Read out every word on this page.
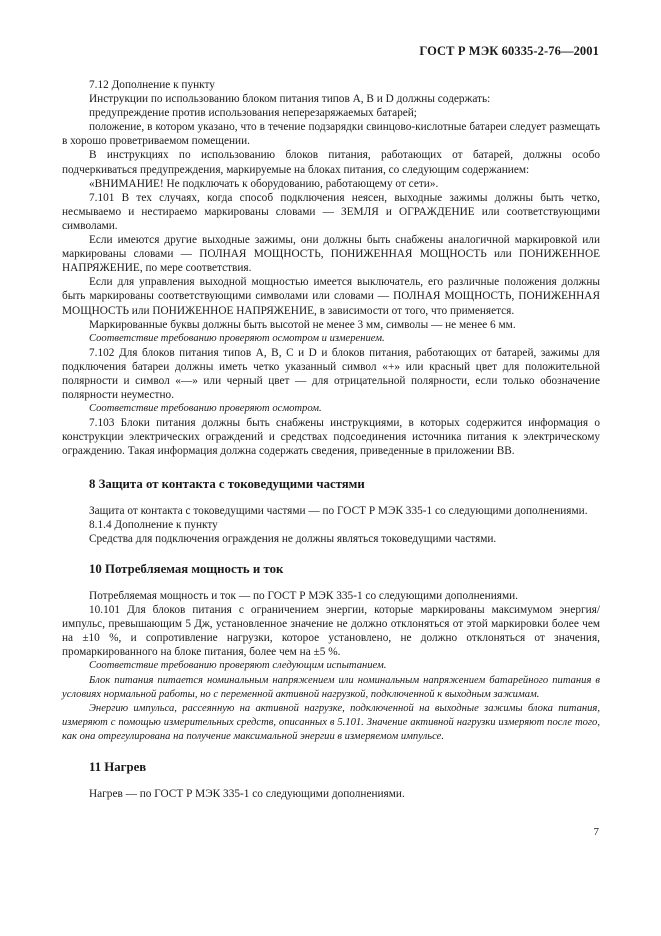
ГОСТ Р МЭК 60335-2-76—2001

7.12 Дополнение к пункту

Инструкции по использованию блоком питания типов А, В и D должны содержать:

предупреждение против использования неперезаряжаемых батарей;

положение, в котором указано, что в течение подзарядки свинцово-кислотные батареи следует размещать в хорошо проветриваемом помещении.

В инструкциях по использованию блоков питания, работающих от батарей, должны особо подчеркиваться предупреждения, маркируемые на блоках питания, со следующим содержанием:

«ВНИМАНИЕ! Не подключать к оборудованию, работающему от сети».

7.101 В тех случаях, когда способ подключения неясен, выходные зажимы должны быть четко, несмываемо и нестираемо маркированы словами — ЗЕМЛЯ и ОГРАЖДЕНИЕ или соответствующими символами.

Если имеются другие выходные зажимы, они должны быть снабжены аналогичной маркировкой или маркированы словами — ПОЛНАЯ МОЩНОСТЬ, ПОНИЖЕННАЯ МОЩНОСТЬ или ПОНИЖЕННОЕ НАПРЯЖЕНИЕ, по мере соответствия.

Если для управления выходной мощностью имеется выключатель, его различные положения должны быть маркированы соответствующими символами или словами — ПОЛНАЯ МОЩНОСТЬ, ПОНИЖЕННАЯ МОЩНОСТЬ или ПОНИЖЕННОЕ НАПРЯЖЕНИЕ, в зависимости от того, что применяется.

Маркированные буквы должны быть высотой не менее 3 мм, символы — не менее 6 мм.

Соответствие требованию проверяют осмотром и измерением.

7.102 Для блоков питания типов А, В, С и D и блоков питания, работающих от батарей, зажимы для подключения батареи должны иметь четко указанный символ «+» или красный цвет для положительной полярности и символ «—» или черный цвет — для отрицательной полярности, если только обозначение полярности неуместно.

Соответствие требованию проверяют осмотром.

7.103 Блоки питания должны быть снабжены инструкциями, в которых содержится информация о конструкции электрических ограждений и средствах подсоединения источника питания к электрическому ограждению. Такая информация должна содержать сведения, приведенные в приложении ВВ.

8 Защита от контакта с токоведущими частями

Защита от контакта с токоведущими частями — по ГОСТ Р МЭК 335-1 со следующими дополнениями.

8.1.4 Дополнение к пункту

Средства для подключения ограждения не должны являться токоведущими частями.

10 Потребляемая мощность и ток

Потребляемая мощность и ток — по ГОСТ Р МЭК 335-1 со следующими дополнениями.

10.101 Для блоков питания с ограничением энергии, которые маркированы максимумом энергия/импульс, превышающим 5 Дж, установленное значение не должно отклоняться от этой маркировки более чем на ±10 %, и сопротивление нагрузки, которое установлено, не должно отклоняться от значения, промаркированного на блоке питания, более чем на ±5 %.

Соответствие требованию проверяют следующим испытанием.

Блок питания питается номинальным напряжением или номинальным напряжением батарейного питания в условиях нормальной работы, но с переменной активной нагрузкой, подключенной к выходным зажимам.

Энергию импульса, рассеянную на активной нагрузке, подключенной на выходные зажимы блока питания, измеряют с помощью измерительных средств, описанных в 5.101. Значение активной нагрузки измеряют после того, как она отрегулирована на получение максимальной энергии в измеряемом импульсе.

11 Нагрев

Нагрев — по ГОСТ Р МЭК 335-1 со следующими дополнениями.

7
